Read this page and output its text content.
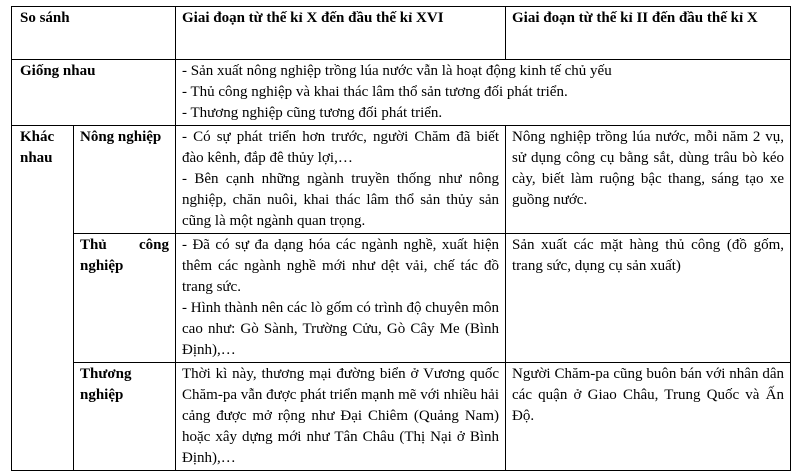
So sánh		Giai đoạn từ thế kỉ X đến đầu thế kỉ XVI	Giai đoạn từ thế kỉ II đến đầu thế kỉ X
Giống nhau		- Sản xuất nông nghiệp trồng lúa nước vẫn là hoạt động kinh tế chủ yếu
- Thủ công nghiệp và khai thác lâm thổ sản tương đối phát triển.
- Thương nghiệp cũng tương đối phát triển.	

Khác nhau	Nông nghiệp	- Có sự phát triển hơn trước, người Chăm đã biết đào kênh, đắp đê thủy lợi,…
- Bên cạnh những ngành truyền thống như nông nghiệp, chăn nuôi, khai thác lâm thổ sản thủy sản cũng là một ngành quan trọng.	Nông nghiệp trồng lúa nước, mỗi năm 2 vụ, sử dụng công cụ bằng sắt, dùng trâu bò kéo cày, biết làm ruộng bậc thang, sáng tạo xe guồng nước.
	Thủ công nghiệp	- Đã có sự đa dạng hóa các ngành nghề, xuất hiện thêm các ngành nghề mới như dệt vải, chế tác đồ trang sức.
- Hình thành nên các lò gốm có trình độ chuyên môn cao như: Gò Sành, Trường Cửu, Gò Cây Me (Bình Định),…	Sản xuất các mặt hàng thủ công (đồ gốm, trang sức, dụng cụ sản xuất)
	Thương nghiệp	Thời kì này, thương mại đường biển ở Vương quốc Chăm-pa vẫn được phát triển mạnh mẽ với nhiều hải cảng được mở rộng như Đại Chiêm (Quảng Nam) hoặc xây dựng mới như Tân Châu (Thị Nại ở Bình Định),…	Người Chăm-pa cũng buôn bán với nhân dân các quận ở Giao Châu, Trung Quốc và Ấn Độ.
